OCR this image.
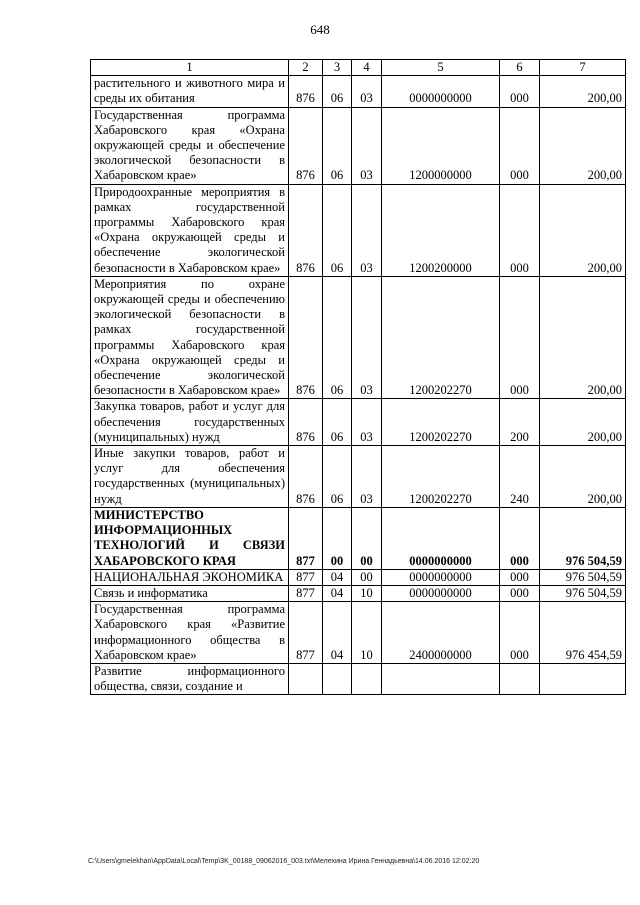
648
1	2	3	4	5	6	7
растительного и животного мира и среды их обитания	876	06	03	0000000000	000	200,00
Государственная программа Хабаровского края «Охрана окружающей среды и обеспечение экологической безопасности в Хабаровском крае»	876	06	03	1200000000	000	200,00
Природоохранные мероприятия в рамках государственной программы Хабаровского края «Охрана окружающей среды и обеспечение экологической безопасности в Хабаровском крае»	876	06	03	1200200000	000	200,00
Мероприятия по охране окружающей среды и обеспечению экологической безопасности в рамках государственной программы Хабаровского края «Охрана окружающей среды и обеспечение экологической безопасности в Хабаровском крае»	876	06	03	1200202270	000	200,00
Закупка товаров, работ и услуг для обеспечения государственных (муниципальных) нужд	876	06	03	1200202270	200	200,00
Иные закупки товаров, работ и услуг для обеспечения государственных (муниципальных) нужд	876	06	03	1200202270	240	200,00
МИНИСТЕРСТВО ИНФОРМАЦИОННЫХ ТЕХНОЛОГИЙ И СВЯЗИ ХАБАРОВСКОГО КРАЯ	877	00	00	0000000000	000	976 504,59
НАЦИОНАЛЬНАЯ ЭКОНОМИКА	877	04	00	0000000000	000	976 504,59
Связь и информатика	877	04	10	0000000000	000	976 504,59
Государственная программа Хабаровского края «Развитие информационного общества в Хабаровском крае»	877	04	10	2400000000	000	976 454,59
Развитие информационного общества, связи, создание и						
C:\Users\gmelekhan\AppData\Local\Temp\3K_00188_09062016_003.txt\Мелехина Ирина Геннадьевна\14.06.2016 12:02:20
